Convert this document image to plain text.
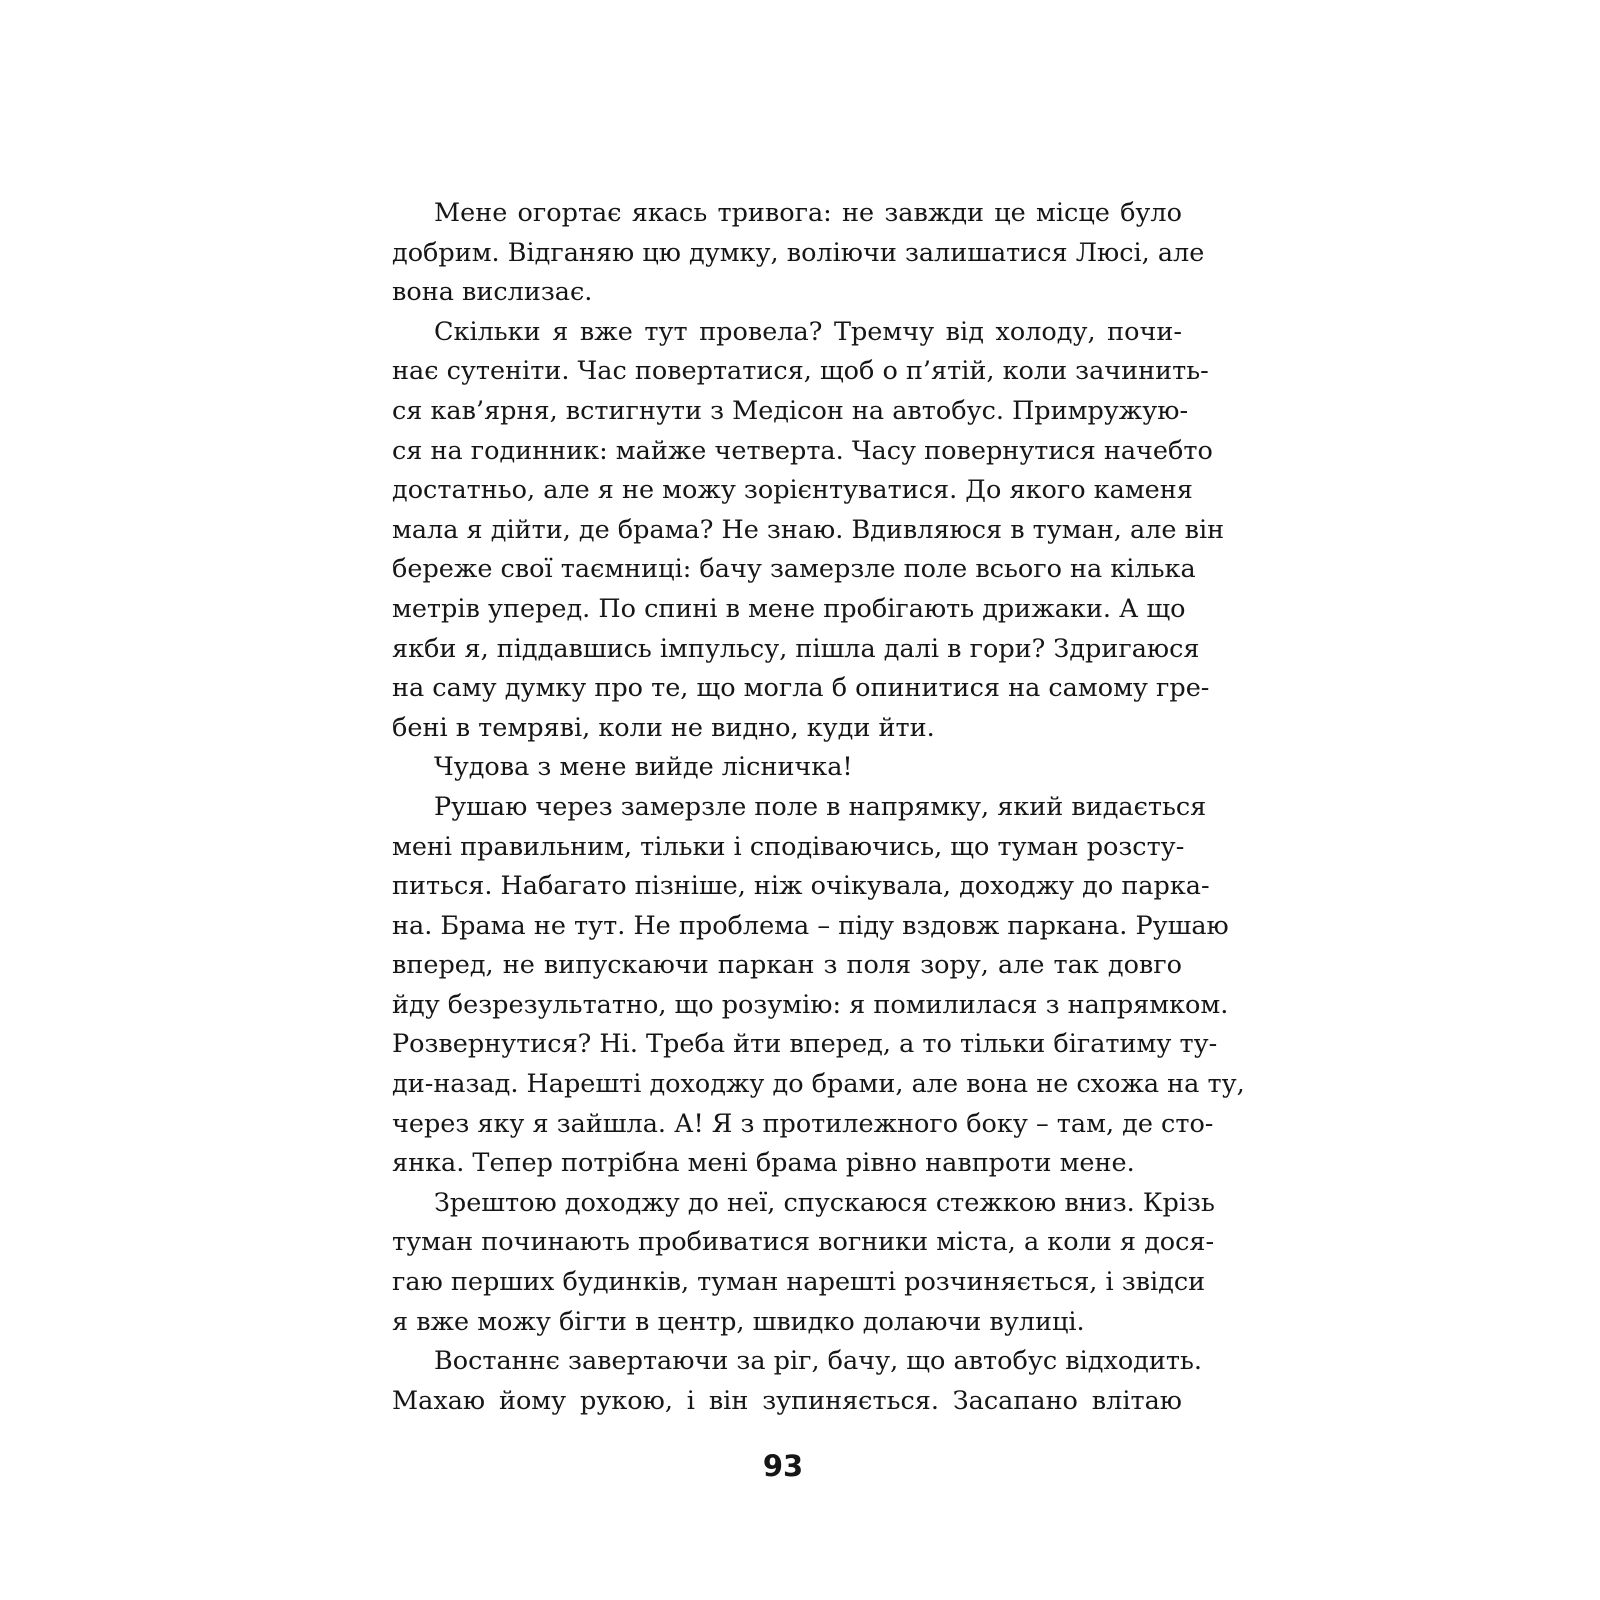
Мене огортає якась тривога: не завжди це місце було
добрим. Відганяю цю думку, воліючи залишатися Люсі, але
вона вислизає.
Скільки я вже тут провела? Тремчу від холоду, почи-
нає сутеніти. Час повертатися, щоб о п’ятій, коли зачинить-
ся кав’ярня, встигнути з Медісон на автобус. Примружую-
ся на годинник: майже четверта. Часу повернутися начебто
достатньо, але я не можу зорієнтуватися. До якого каменя
мала я дійти, де брама? Не знаю. Вдивляюся в туман, але він
береже свої таємниці: бачу замерзле поле всього на кілька
метрів уперед. По спині в мене пробігають дрижаки. А що
якби я, піддавшись імпульсу, пішла далі в гори? Здригаюся
на саму думку про те, що могла б опинитися на самому гре-
бені в темряві, коли не видно, куди йти.
Чудова з мене вийде лісничка!
Рушаю через замерзле поле в напрямку, який видається
мені правильним, тільки і сподіваючись, що туман розсту-
питься. Набагато пізніше, ніж очікувала, доходжу до парка-
на. Брама не тут. Не проблема – піду вздовж паркана. Рушаю
вперед, не випускаючи паркан з поля зору, але так довго
йду безрезультатно, що розумію: я помилилася з напрямком.
Розвернутися? Ні. Треба йти вперед, а то тільки бігатиму ту-
ди-назад. Нарешті доходжу до брами, але вона не схожа на ту,
через яку я зайшла. А! Я з протилежного боку – там, де сто-
янка. Тепер потрібна мені брама рівно навпроти мене.
Зрештою доходжу до неї, спускаюся стежкою вниз. Крізь
туман починають пробиватися вогники міста, а коли я дося-
гаю перших будинків, туман нарешті розчиняється, і звідси
я вже можу бігти в центр, швидко долаючи вулиці.
Востаннє завертаючи за ріг, бачу, що автобус відходить.
Махаю йому рукою, і він зупиняється. Засапано влітаю
93
